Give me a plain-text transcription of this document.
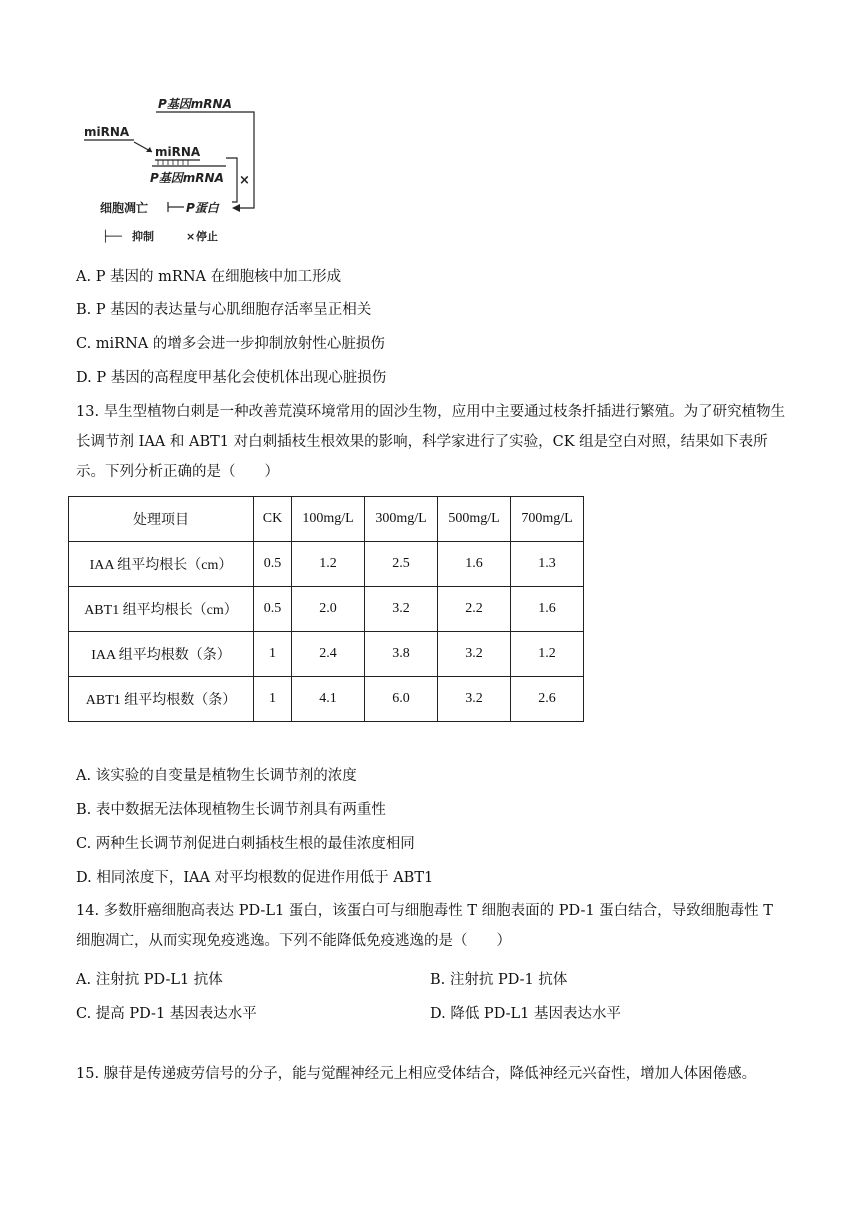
P基因mRNA
miRNA
miRNA
P基因mRNA
细胞凋亡	P蛋白
×
├── 抑制	× 停止
A. P 基因的 mRNA 在细胞核中加工形成
B. P 基因的表达量与心肌细胞存活率呈正相关
C. miRNA 的增多会进一步抑制放射性心脏损伤
D. P 基因的高程度甲基化会使机体出现心脏损伤
13. 旱生型植物白刺是一种改善荒漠环境常用的固沙生物，应用中主要通过枝条扦插进行繁殖。为了研究植物生长调节剂 IAA 和 ABT1 对白刺插枝生根效果的影响，科学家进行了实验，CK 组是空白对照，结果如下表所示。下列分析正确的是（　　）
处理项目	CK	100mg/L	300mg/L	500mg/L	700mg/L
IAA 组平均根长（cm）	0.5	1.2	2.5	1.6	1.3
ABT1 组平均根长（cm）	0.5	2.0	3.2	2.2	1.6
IAA 组平均根数（条）	1	2.4	3.8	3.2	1.2
ABT1 组平均根数（条）	1	4.1	6.0	3.2	2.6
A. 该实验的自变量是植物生长调节剂的浓度
B. 表中数据无法体现植物生长调节剂具有两重性
C. 两种生长调节剂促进白刺插枝生根的最佳浓度相同
D. 相同浓度下，IAA 对平均根数的促进作用低于 ABT1
14. 多数肝癌细胞高表达 PD-L1 蛋白，该蛋白可与细胞毒性 T 细胞表面的 PD-1 蛋白结合，导致细胞毒性 T 细胞凋亡，从而实现免疫逃逸。下列不能降低免疫逃逸的是（　　）
A. 注射抗 PD-L1 抗体	B. 注射抗 PD-1 抗体
C. 提高 PD-1 基因表达水平	D. 降低 PD-L1 基因表达水平
15. 腺苷是传递疲劳信号的分子，能与觉醒神经元上相应受体结合，降低神经元兴奋性，增加人体困倦感。
